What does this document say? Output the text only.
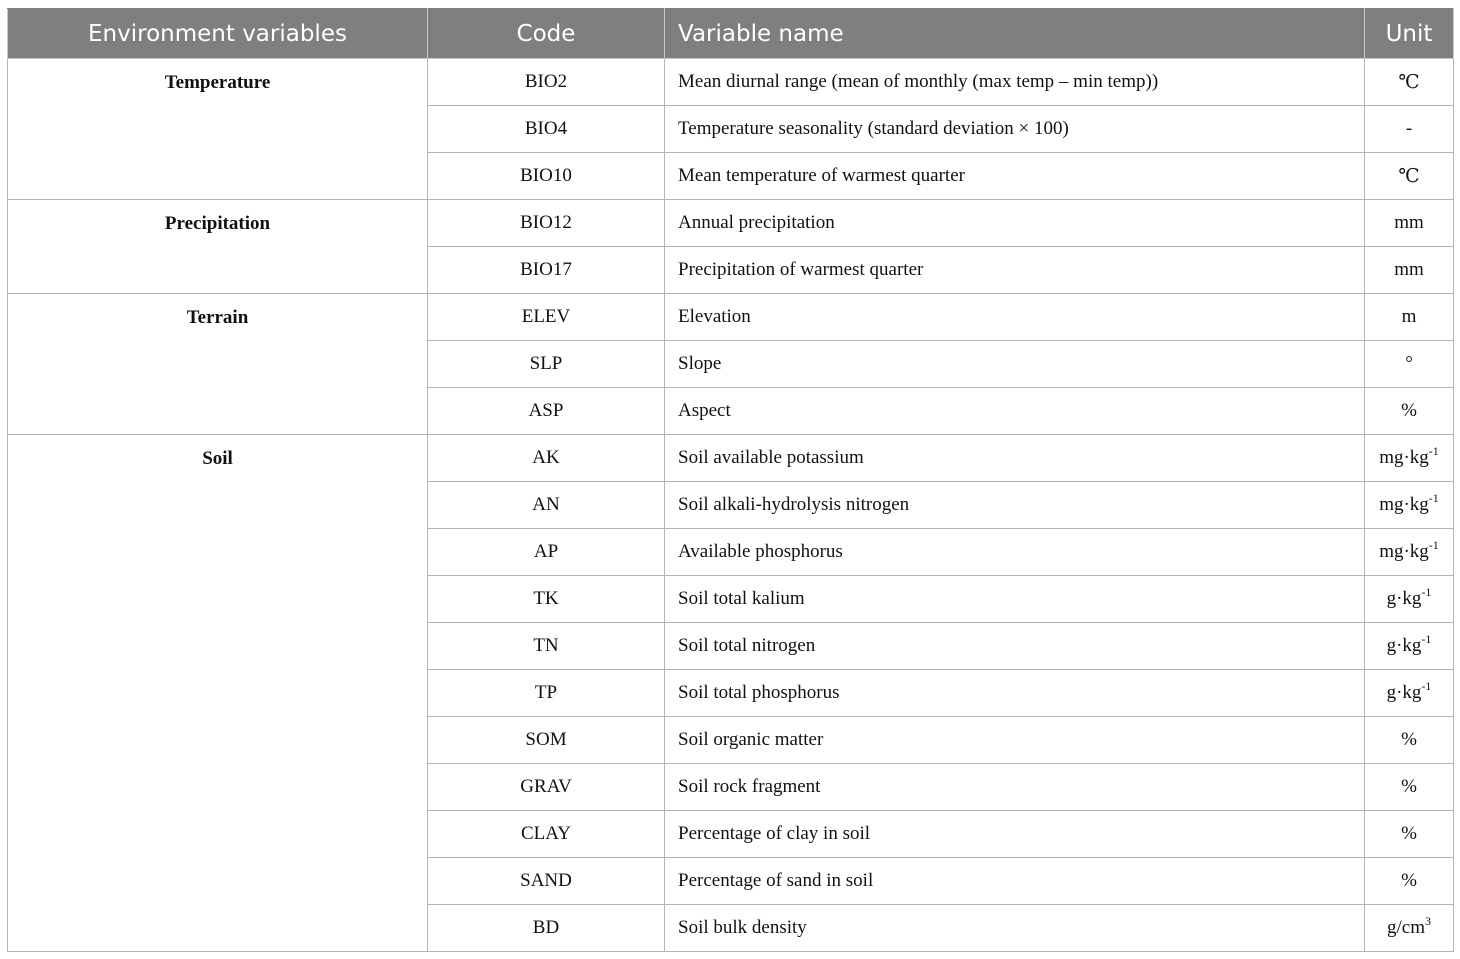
Environment variables	Code	Variable name	Unit
Temperature	BIO2	Mean diurnal range (mean of monthly (max temp – min temp))	℃
	BIO4	Temperature seasonality (standard deviation × 100)	-
	BIO10	Mean temperature of warmest quarter	℃
Precipitation	BIO12	Annual precipitation	mm
	BIO17	Precipitation of warmest quarter	mm
Terrain	ELEV	Elevation	m
	SLP	Slope	°
	ASP	Aspect	%
Soil	AK	Soil available potassium	$mg\cdot kg^{-1}$
	AN	Soil alkali-hydrolysis nitrogen	$mg\cdot kg^{-1}$
	AP	Available phosphorus	$mg\cdot kg^{-1}$
	TK	Soil total kalium	$g\cdot kg^{-1}$
	TN	Soil total nitrogen	$g\cdot kg^{-1}$
	TP	Soil total phosphorus	$g\cdot kg^{-1}$
	SOM	Soil organic matter	%
	GRAV	Soil rock fragment	%
	CLAY	Percentage of clay in soil	%
	SAND	Percentage of sand in soil	%
	BD	Soil bulk density	$g/cm^3$
